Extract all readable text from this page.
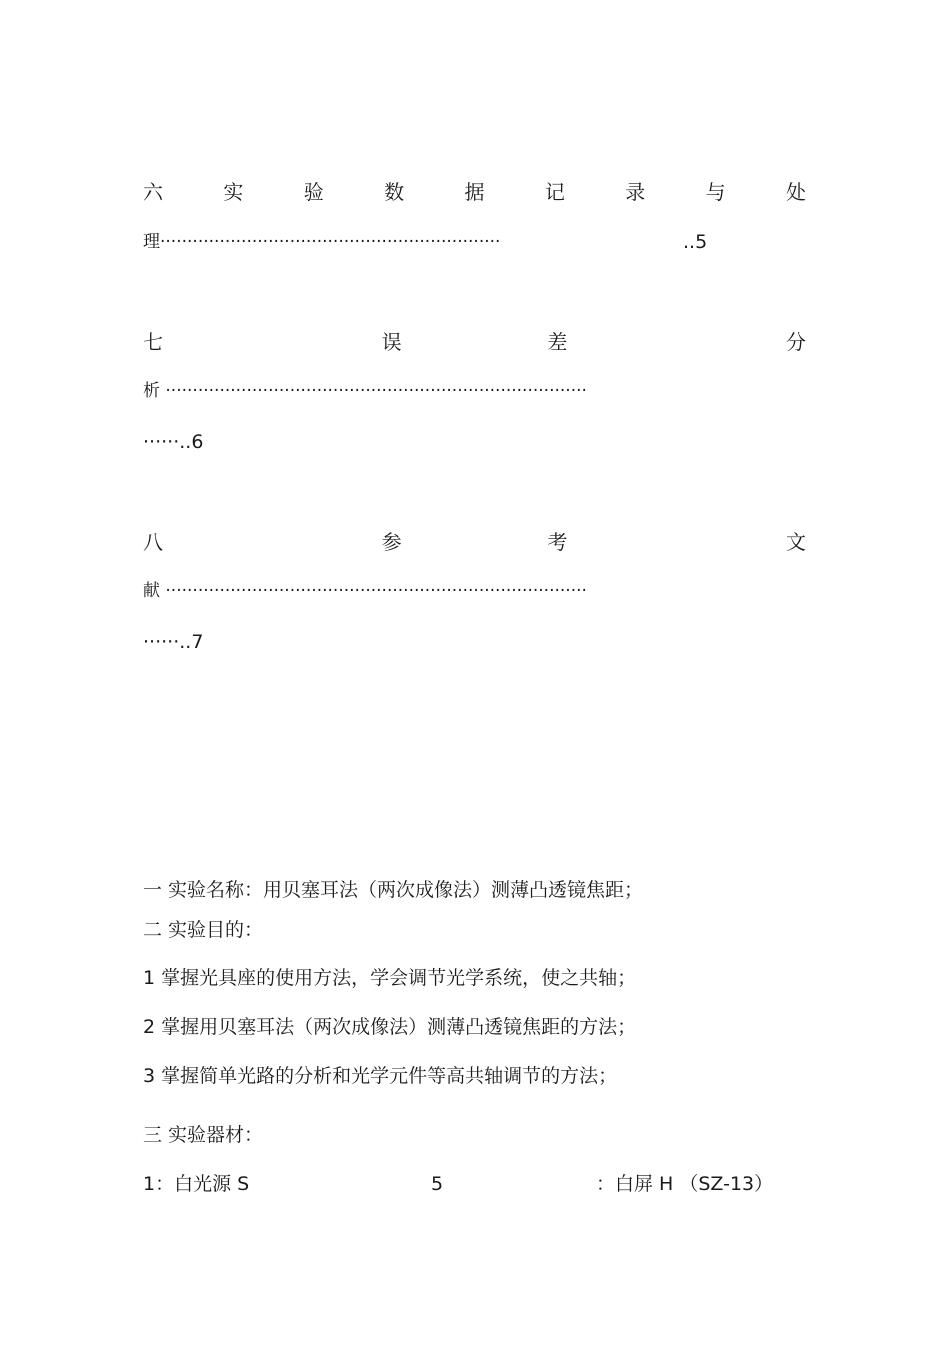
六	实	验	数	据	记	录	与	处
理·······························································	..5
七	误	差	分
析 ··············································································
······..6
八	参	考	文
献 ··············································································
······..7
一 实验名称：用贝塞耳法（两次成像法）测薄凸透镜焦距；
二 实验目的：
1 掌握光具座的使用方法，学会调节光学系统，使之共轴；
2 掌握用贝塞耳法（两次成像法）测薄凸透镜焦距的方法；
3 掌握简单光路的分析和光学元件等高共轴调节的方法；
三 实验器材：
1：白光源 S	5	：白屏 H （SZ-13）
